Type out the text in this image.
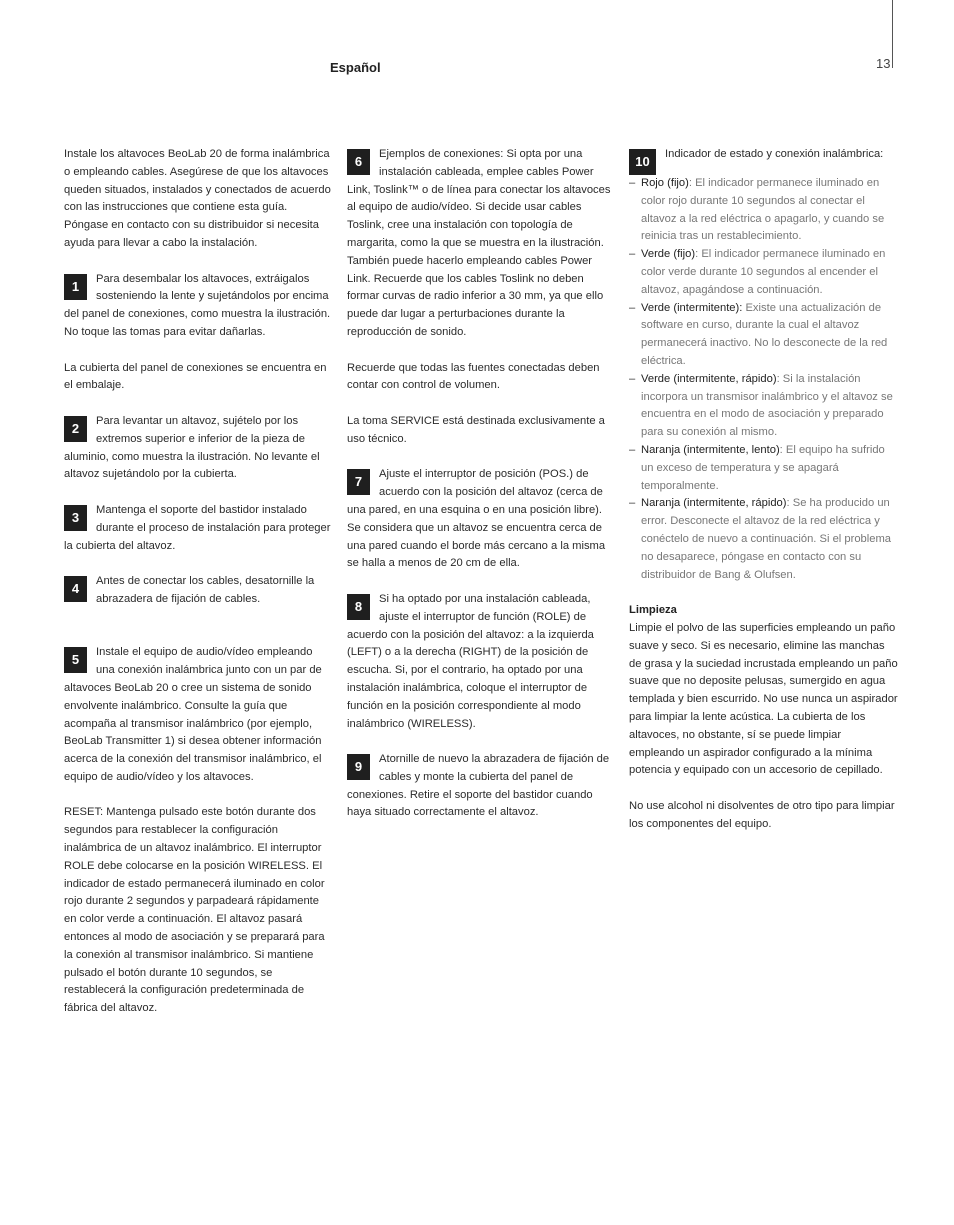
Español	13

Instale los altavoces BeoLab 20 de forma inalámbrica o empleando cables. Asegúrese de que los altavoces queden situados, instalados y conectados de acuerdo con las instrucciones que contiene esta guía. Póngase en contacto con su distribuidor si necesita ayuda para llevar a cabo la instalación.

1
Para desembalar los altavoces, extráigalos sosteniendo la lente y sujetándolos por encima del panel de conexiones, como muestra la ilustración. No toque las tomas para evitar dañarlas.

La cubierta del panel de conexiones se encuentra en el embalaje.

2
Para levantar un altavoz, sujételo por los extremos superior e inferior de la pieza de aluminio, como muestra la ilustración. No levante el altavoz sujetándolo por la cubierta.
3
Mantenga el soporte del bastidor instalado durante el proceso de instalación para proteger la cubierta del altavoz.
4
Antes de conectar los cables, desatornille la abrazadera de fijación de cables.
5
Instale el equipo de audio/vídeo empleando una conexión inalámbrica junto con un par de altavoces BeoLab 20 o cree un sistema de sonido envolvente inalámbrico. Consulte la guía que acompaña al transmisor inalámbrico (por ejemplo, BeoLab Transmitter 1) si desea obtener información acerca de la conexión del transmisor inalámbrico, el equipo de audio/vídeo y los altavoces.

RESET: Mantenga pulsado este botón durante dos segundos para restablecer la configuración inalámbrica de un altavoz inalámbrico. El interruptor ROLE debe colocarse en la posición WIRELESS. El indicador de estado permanecerá iluminado en color rojo durante 2 segundos y parpadeará rápidamente en color verde a continuación. El altavoz pasará entonces al modo de asociación y se preparará para la conexión al transmisor inalámbrico. Si mantiene pulsado el botón durante 10 segundos, se restablecerá la configuración predeterminada de fábrica del altavoz.

6
Ejemplos de conexiones: Si opta por una instalación cableada, emplee cables Power Link, Toslink™ o de línea para conectar los altavoces al equipo de audio/vídeo. Si decide usar cables Toslink, cree una instalación con topología de margarita, como la que se muestra en la ilustración. También puede hacerlo empleando cables Power Link. Recuerde que los cables Toslink no deben formar curvas de radio inferior a 30 mm, ya que ello puede dar lugar a perturbaciones durante la reproducción de sonido.

Recuerde que todas las fuentes conectadas deben contar con control de volumen.

La toma SERVICE está destinada exclusivamente a uso técnico.

7
Ajuste el interruptor de posición (POS.) de acuerdo con la posición del altavoz (cerca de una pared, en una esquina o en una posición libre). Se considera que un altavoz se encuentra cerca de una pared cuando el borde más cercano a la misma se halla a menos de 20 cm de ella.
8
Si ha optado por una instalación cableada, ajuste el interruptor de función (ROLE) de acuerdo con la posición del altavoz: a la izquierda (LEFT) o a la derecha (RIGHT) de la posición de escucha. Si, por el contrario, ha optado por una instalación inalámbrica, coloque el interruptor de función en la posición correspondiente al modo inalámbrico (WIRELESS).
9
Atornille de nuevo la abrazadera de fijación de cables y monte la cubierta del panel de conexiones. Retire el soporte del bastidor cuando haya situado correctamente el altavoz.
10
Indicador de estado y conexión inalámbrica:
– Rojo (fijo): El indicador permanece iluminado en color rojo durante 10 segundos al conectar el altavoz a la red eléctrica o apagarlo, y cuando se reinicia tras un restablecimiento.
– Verde (fijo): El indicador permanece iluminado en color verde durante 10 segundos al encender el altavoz, apagándose a continuación.
– Verde (intermitente): Existe una actualización de software en curso, durante la cual el altavoz permanecerá inactivo. No lo desconecte de la red eléctrica.
– Verde (intermitente, rápido): Si la instalación incorpora un transmisor inalámbrico y el altavoz se encuentra en el modo de asociación y preparado para su conexión al mismo.
– Naranja (intermitente, lento): El equipo ha sufrido un exceso de temperatura y se apagará temporalmente.
– Naranja (intermitente, rápido): Se ha producido un error. Desconecte el altavoz de la red eléctrica y conéctelo de nuevo a continuación. Si el problema no desaparece, póngase en contacto con su distribuidor de Bang & Olufsen.

Limpieza

Limpie el polvo de las superficies empleando un paño suave y seco. Si es necesario, elimine las manchas de grasa y la suciedad incrustada empleando un paño suave que no deposite pelusas, sumergido en agua templada y bien escurrido. No use nunca un aspirador para limpiar la lente acústica. La cubierta de los altavoces, no obstante, sí se puede limpiar empleando un aspirador configurado a la mínima potencia y equipado con un accesorio de cepillado.

No use alcohol ni disolventes de otro tipo para limpiar los componentes del equipo.
